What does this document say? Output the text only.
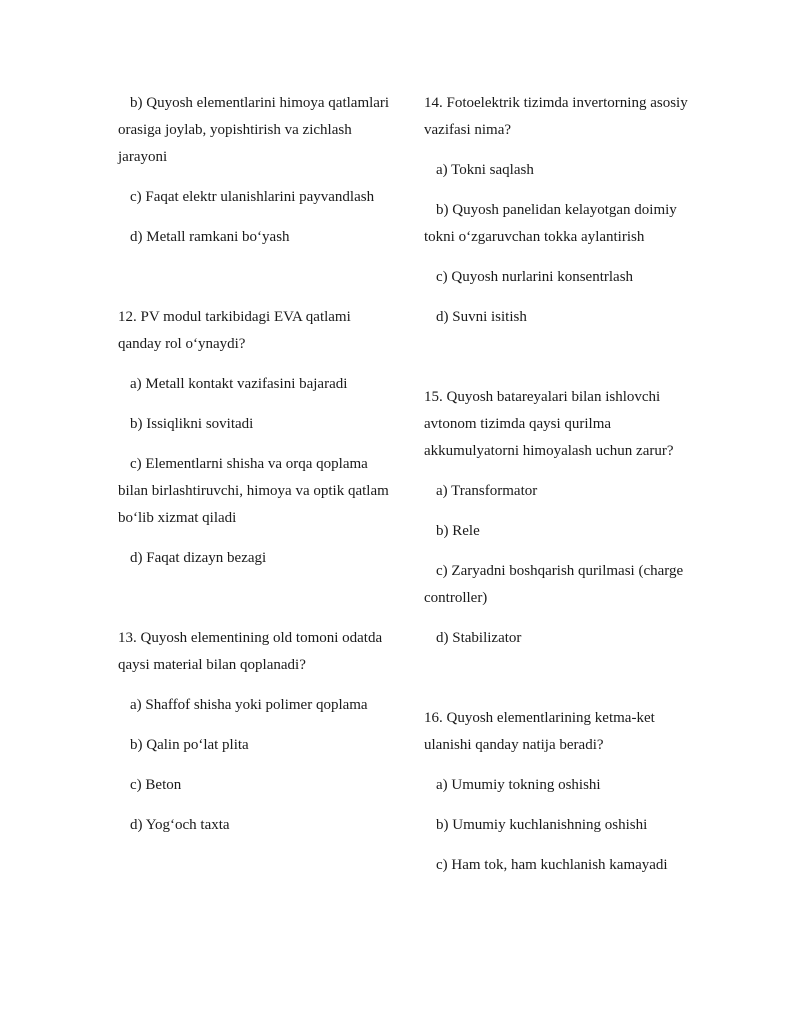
b) Quyosh elementlarini himoya qatlamlari orasiga joylab, yopishtirish va zichlash jarayoni

c) Faqat elektr ulanishlarini payvandlash

d) Metall ramkani bo‘yash

12. PV modul tarkibidagi EVA qatlami qanday rol o‘ynaydi?

a) Metall kontakt vazifasini bajaradi

b) Issiqlikni sovitadi

c) Elementlarni shisha va orqa qoplama bilan birlashtiruvchi, himoya va optik qatlam bo‘lib xizmat qiladi

d) Faqat dizayn bezagi

13. Quyosh elementining old tomoni odatda qaysi material bilan qoplanadi?

a) Shaffof shisha yoki polimer qoplama

b) Qalin po‘lat plita

c) Beton

d) Yog‘och taxta

14. Fotoelektrik tizimda invertorning asosiy vazifasi nima?

a) Tokni saqlash

b) Quyosh panelidan kelayotgan doimiy tokni o‘zgaruvchan tokka aylantirish

c) Quyosh nurlarini konsentrlash

d) Suvni isitish

15. Quyosh batareyalari bilan ishlovchi avtonom tizimda qaysi qurilma akkumulyatorni himoyalash uchun zarur?

a) Transformator

b) Rele

c) Zaryadni boshqarish qurilmasi (charge controller)

d) Stabilizator

16. Quyosh elementlarining ketma-ket ulanishi qanday natija beradi?

a) Umumiy tokning oshishi

b) Umumiy kuchlanishning oshishi

c) Ham tok, ham kuchlanish kamayadi
